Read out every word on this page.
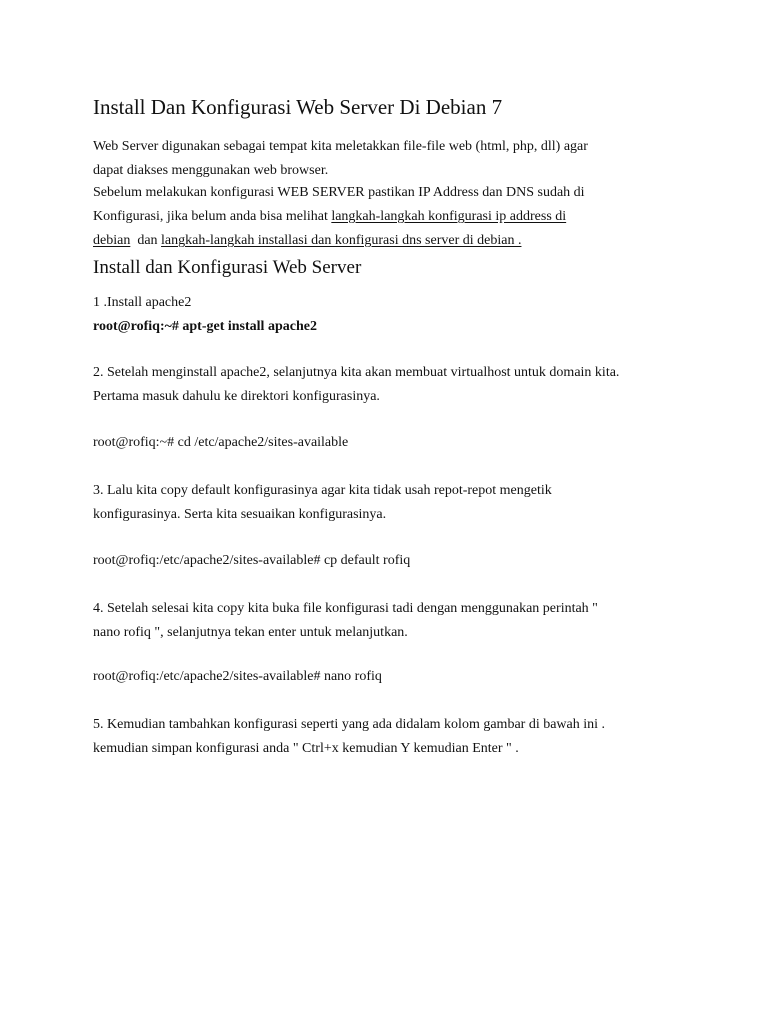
Install Dan Konfigurasi Web Server Di Debian 7
Web Server digunakan sebagai tempat kita meletakkan file-file web (html, php, dll) agar
dapat diakses menggunakan web browser.
Sebelum melakukan konfigurasi WEB SERVER pastikan IP Address dan DNS sudah di
Konfigurasi, jika belum anda bisa melihat langkah-langkah konfigurasi ip address di
debian  dan langkah-langkah installasi dan konfigurasi dns server di debian .
Install dan Konfigurasi Web Server
1 .Install apache2
root@rofiq:~# apt-get install apache2
2. Setelah menginstall apache2, selanjutnya kita akan membuat virtualhost untuk domain kita.
Pertama masuk dahulu ke direktori konfigurasinya.
root@rofiq:~# cd /etc/apache2/sites-available
3. Lalu kita copy default konfigurasinya agar kita tidak usah repot-repot mengetik
konfigurasinya. Serta kita sesuaikan konfigurasinya.
root@rofiq:/etc/apache2/sites-available# cp default rofiq
4. Setelah selesai kita copy kita buka file konfigurasi tadi dengan menggunakan perintah "
nano rofiq ", selanjutnya tekan enter untuk melanjutkan.
root@rofiq:/etc/apache2/sites-available# nano rofiq
5. Kemudian tambahkan konfigurasi seperti yang ada didalam kolom gambar di bawah ini .
kemudian simpan konfigurasi anda " Ctrl+x kemudian Y kemudian Enter " .
